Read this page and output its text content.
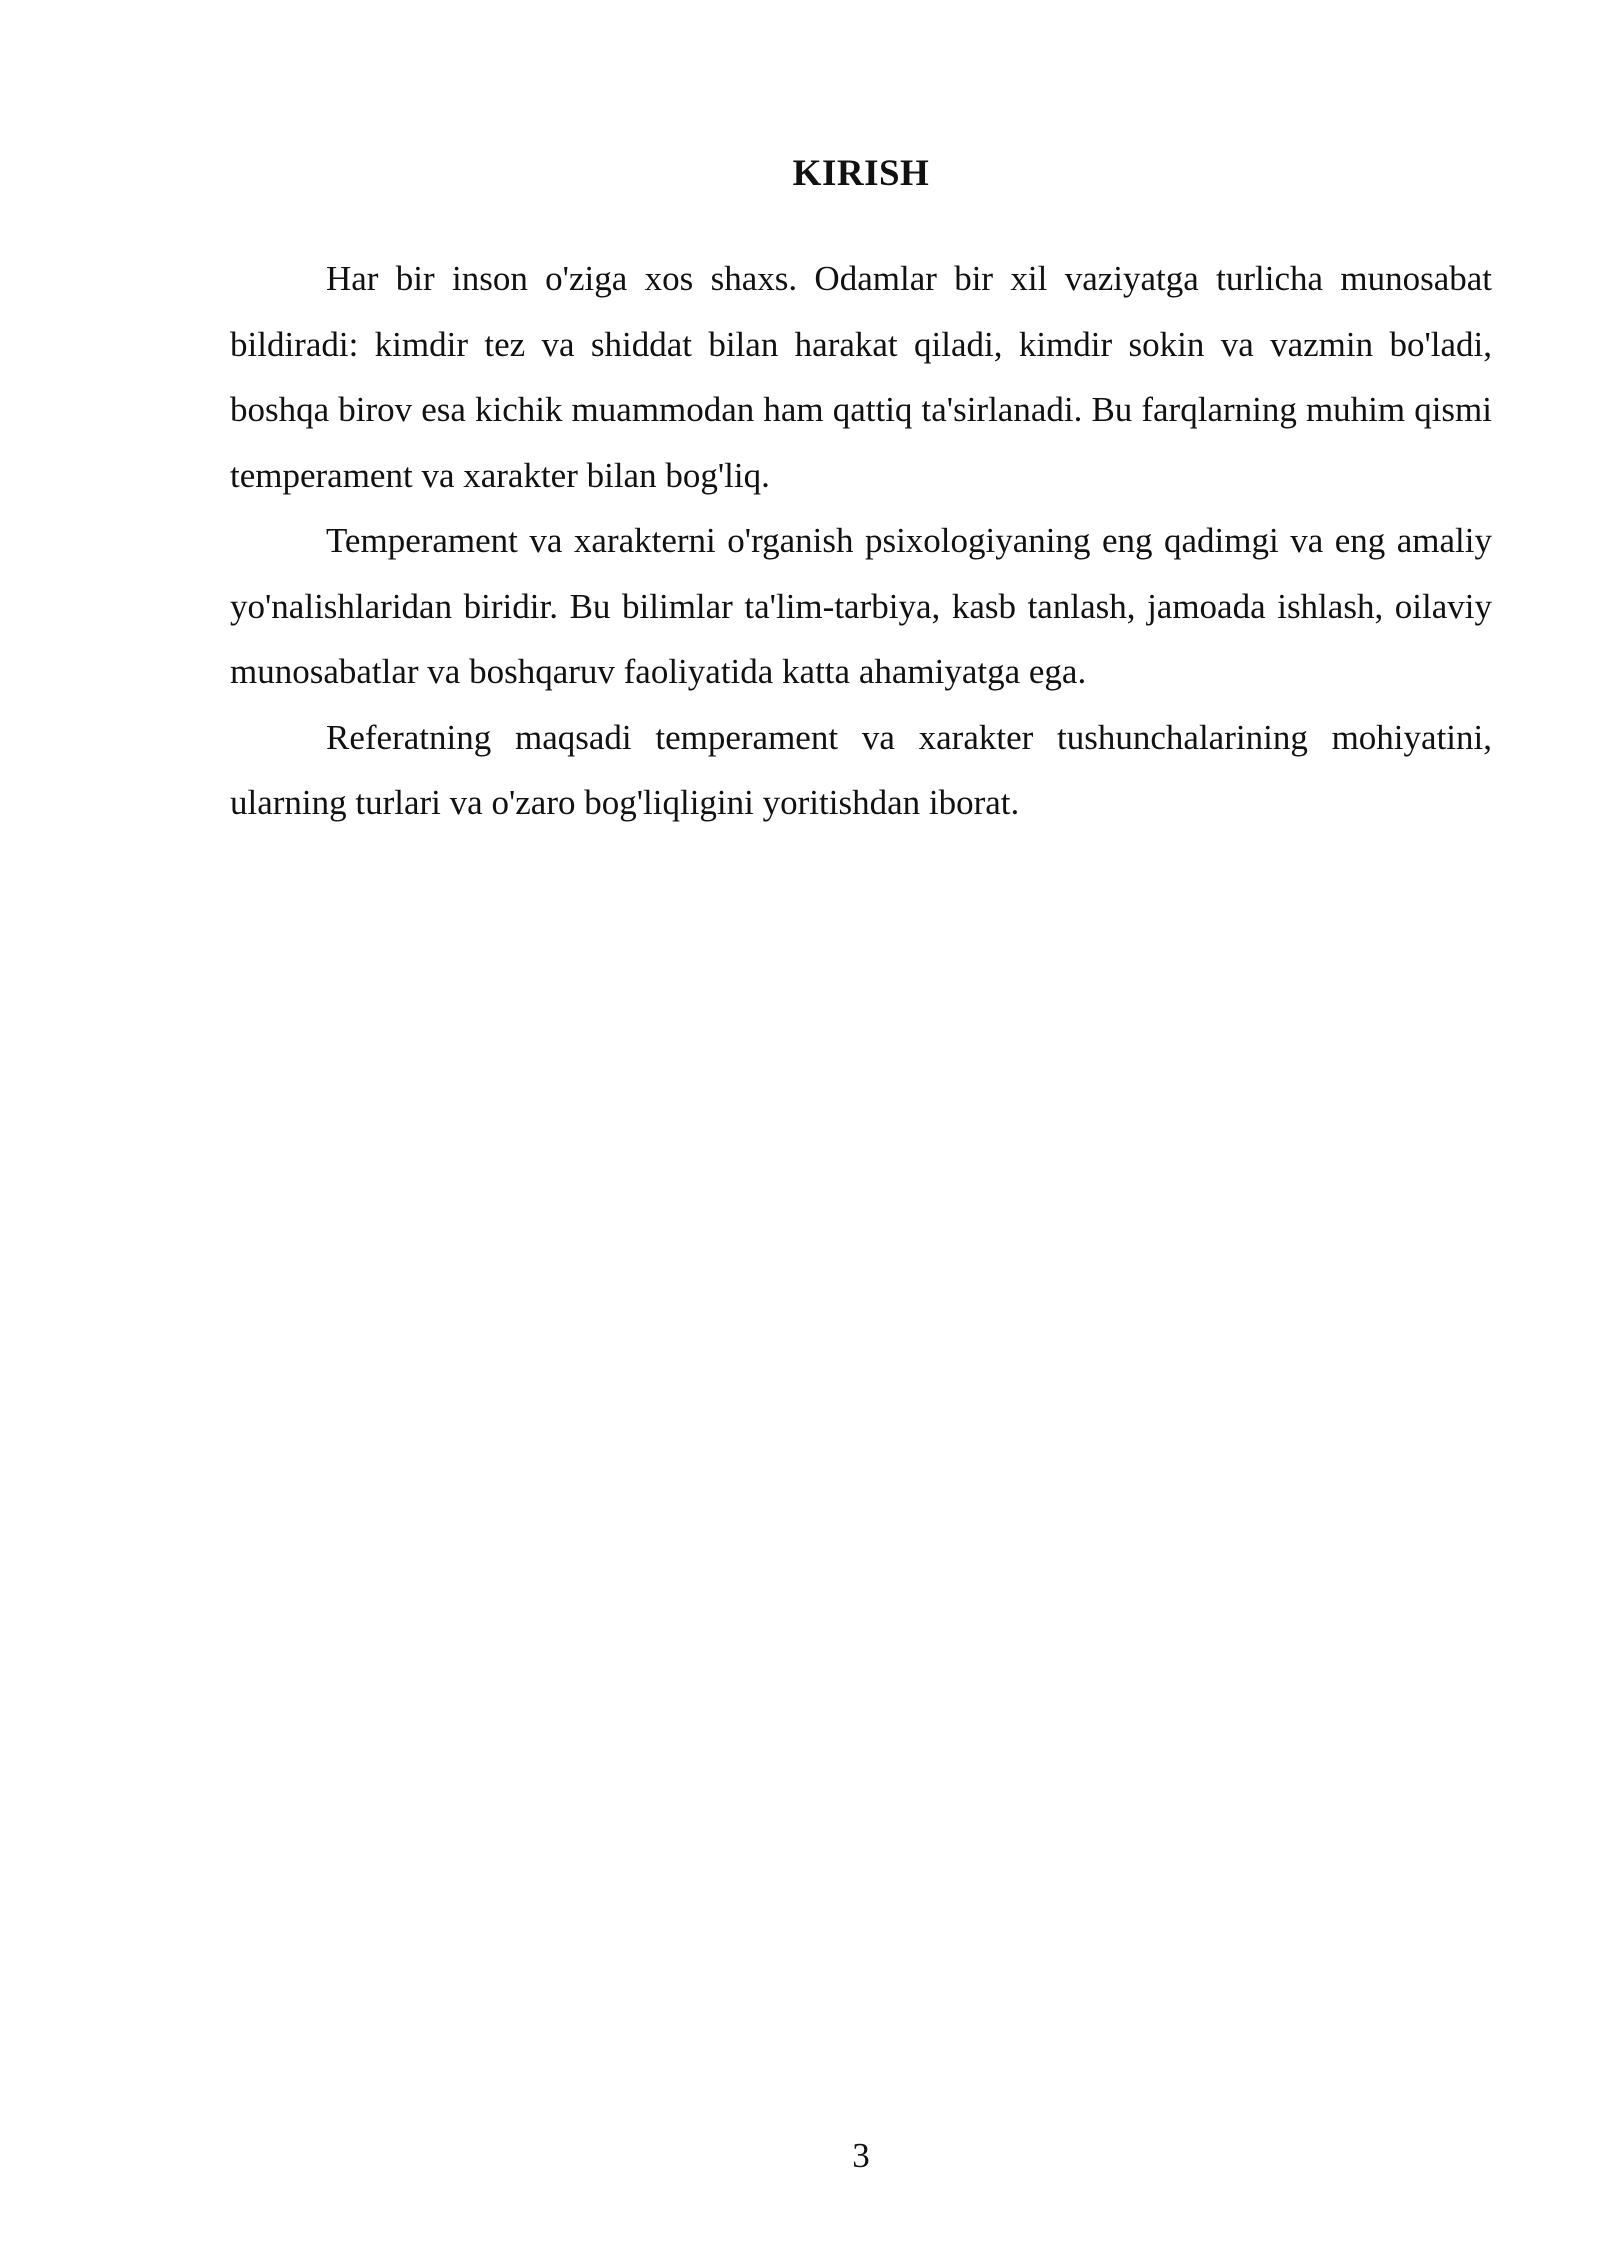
KIRISH

Har bir inson o'ziga xos shaxs. Odamlar bir xil vaziyatga turlicha munosabat bildiradi: kimdir tez va shiddat bilan harakat qiladi, kimdir sokin va vazmin bo'ladi, boshqa birov esa kichik muammodan ham qattiq ta'sirlanadi. Bu farqlarning muhim qismi temperament va xarakter bilan bog'liq.

Temperament va xarakterni o'rganish psixologiyaning eng qadimgi va eng amaliy yo'nalishlaridan biridir. Bu bilimlar ta'lim-tarbiya, kasb tanlash, jamoada ishlash, oilaviy munosabatlar va boshqaruv faoliyatida katta ahamiyatga ega.

Referatning maqsadi temperament va xarakter tushunchalarining mohiyatini, ularning turlari va o'zaro bog'liqligini yoritishdan iborat.

3
